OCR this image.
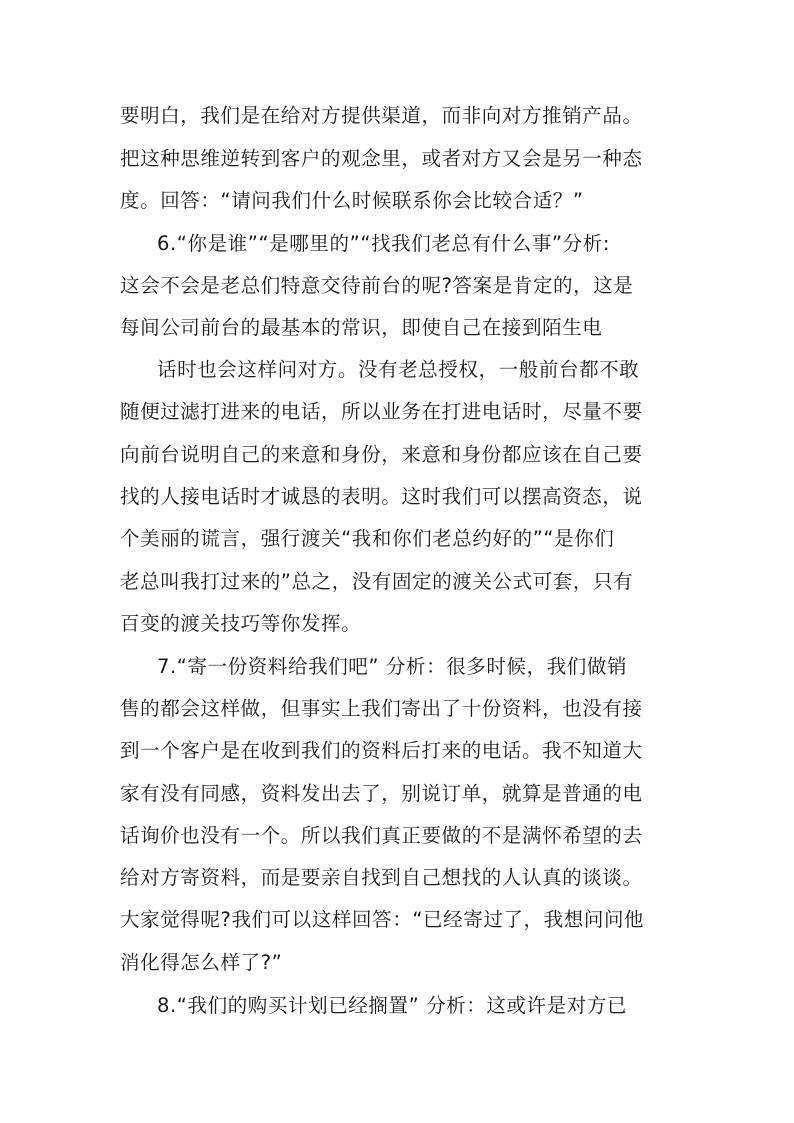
要明白，我们是在给对方提供渠道，而非向对方推销产品。
把这种思维逆转到客户的观念里，或者对方又会是另一种态
度。回答：“请问我们什么时候联系你会比较合适？”
6.“你是谁”“是哪里的”“找我们老总有什么事”分析:
这会不会是老总们特意交待前台的呢?答案是肯定的，这是
每间公司前台的最基本的常识，即使自己在接到陌生电
话时也会这样问对方。没有老总授权，一般前台都不敢
随便过滤打进来的电话，所以业务在打进电话时，尽量不要
向前台说明自己的来意和身份，来意和身份都应该在自己要
找的人接电话时才诚恳的表明。这时我们可以摆高资态，说
个美丽的谎言，强行渡关“我和你们老总约好的”“是你们
老总叫我打过来的”总之，没有固定的渡关公式可套，只有
百变的渡关技巧等你发挥。
7.“寄一份资料给我们吧” 分析：很多时候，我们做销
售的都会这样做，但事实上我们寄出了十份资料，也没有接
到一个客户是在收到我们的资料后打来的电话。我不知道大
家有没有同感，资料发出去了，别说订单，就算是普通的电
话询价也没有一个。所以我们真正要做的不是满怀希望的去
给对方寄资料，而是要亲自找到自己想找的人认真的谈谈。
大家觉得呢?我们可以这样回答：“已经寄过了，我想问问他
消化得怎么样了?”
8.“我们的购买计划已经搁置” 分析：这或许是对方已
